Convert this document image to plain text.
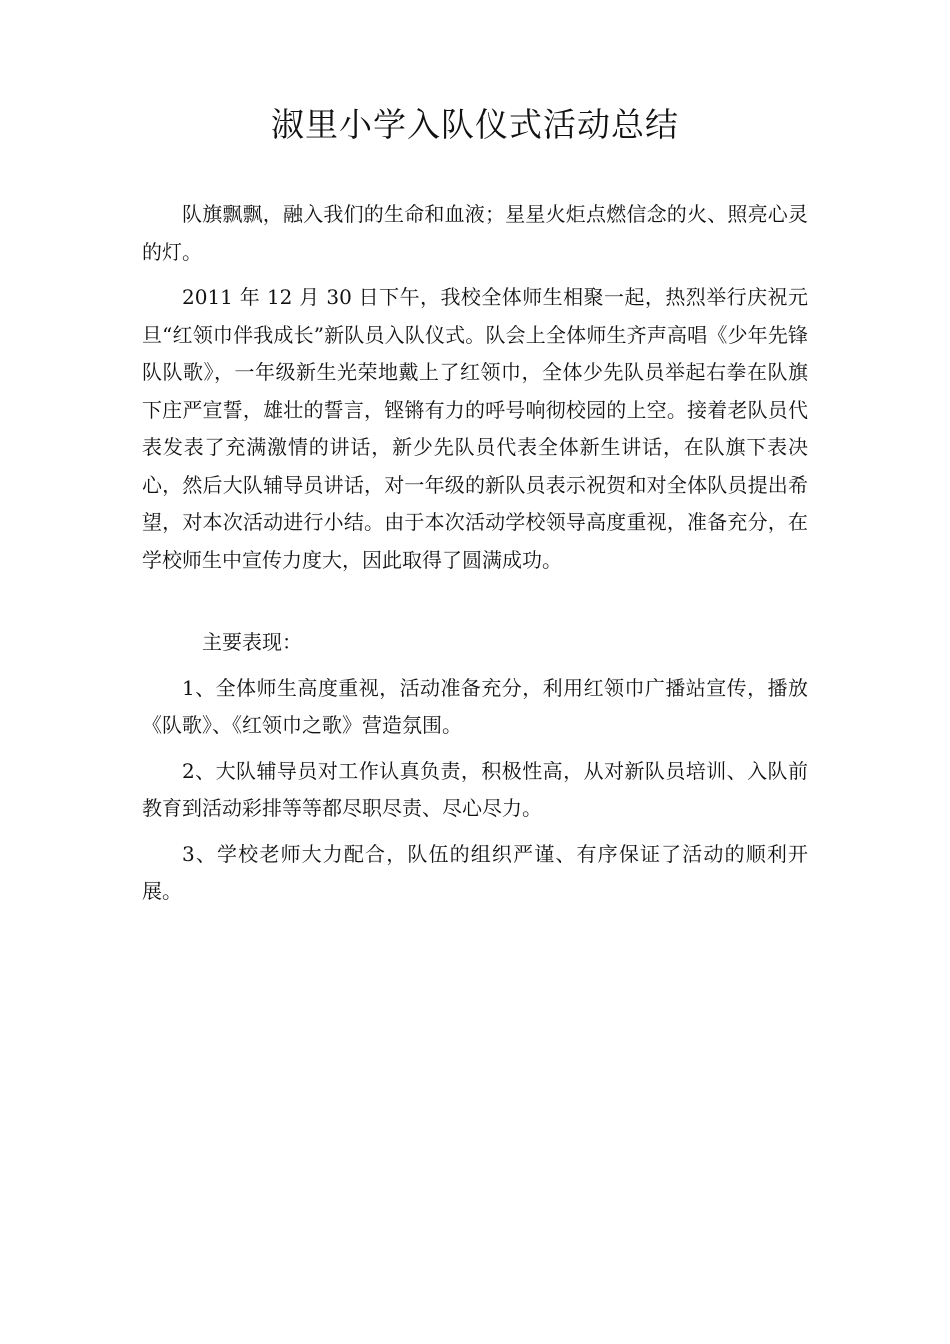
淑里小学入队仪式活动总结

队旗飘飘，融入我们的生命和血液；星星火炬点燃信念的火、照亮心灵的灯。

2011 年 12 月 30 日下午，我校全体师生相聚一起，热烈举行庆祝元旦“红领巾伴我成长”新队员入队仪式。队会上全体师生齐声高唱《少年先锋队队歌》，一年级新生光荣地戴上了红领巾，全体少先队员举起右拳在队旗下庄严宣誓，雄壮的誓言，铿锵有力的呼号响彻校园的上空。接着老队员代表发表了充满激情的讲话，新少先队员代表全体新生讲话，在队旗下表决心，然后大队辅导员讲话，对一年级的新队员表示祝贺和对全体队员提出希望，对本次活动进行小结。由于本次活动学校领导高度重视，准备充分，在学校师生中宣传力度大，因此取得了圆满成功。

主要表现：

1、全体师生高度重视，活动准备充分，利用红领巾广播站宣传，播放《队歌》、《红领巾之歌》营造氛围。

2、大队辅导员对工作认真负责，积极性高，从对新队员培训、入队前教育到活动彩排等等都尽职尽责、尽心尽力。

3、学校老师大力配合，队伍的组织严谨、有序保证了活动的顺利开展。
